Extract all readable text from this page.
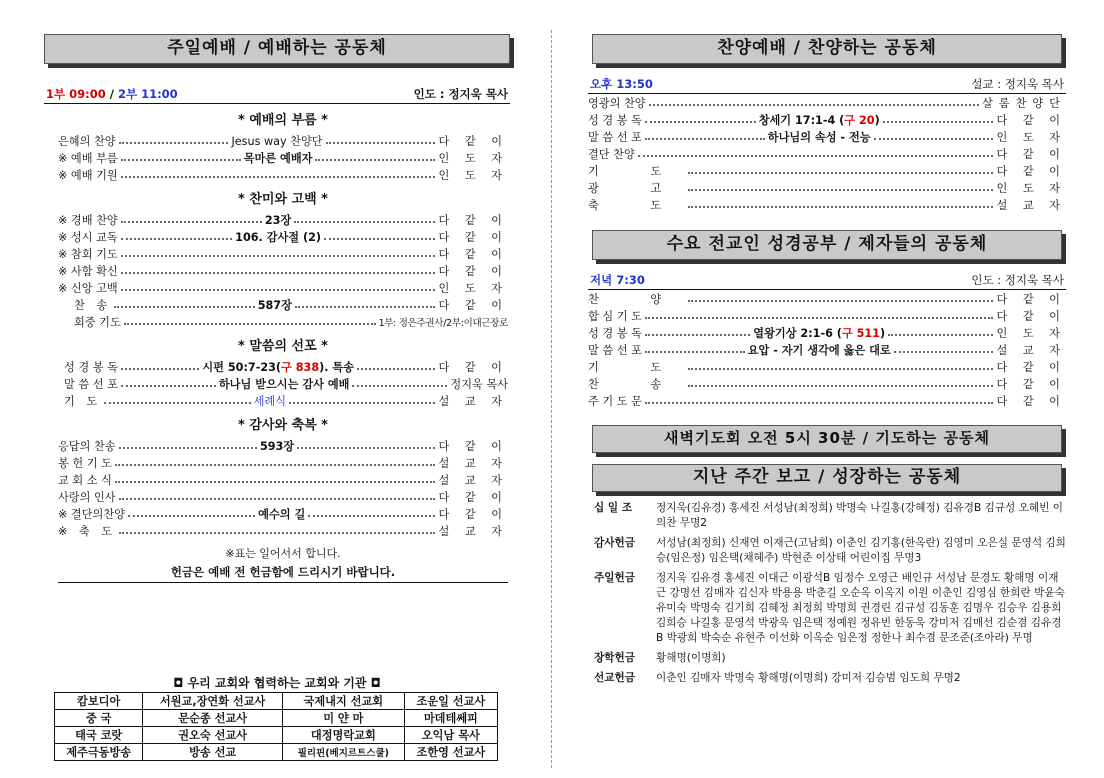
주일예배 / 예배하는 공동체
1부 09:00 / 2부 11:00	인도 : 정지욱 목사
* 예배의 부름 *
은혜의 찬양	Jesus way 찬양단	다 같 이
※ 예배 부름	목마른 예배자	인 도 자
※ 예배 기원	인 도 자
* 찬미와 고백 *
※ 경배 찬양	23장	다 같 이
※ 성시 교독	106. 감사절 (2)	다 같 이
※ 참회 기도	다 같 이
※ 사함 확신	다 같 이
※ 신앙 고백	인 도 자
찬 송	587장	다 같 이
회중 기도	1부: 정은주권사/2부:이대근장로
* 말씀의 선포 *
성 경 봉 독	시편 50:7-23(구 838). 특송	다 같 이
말 씀 선 포	하나님 받으시는 감사 예배	정지욱 목사
기 도	세례식	설 교 자
* 감사와 축복 *
응답의 찬송	593장	다 같 이
봉 헌 기 도	설 교 자
교 회 소 식	설 교 자
사랑의 인사	다 같 이
※ 결단의찬양	예수의 길	다 같 이
※ 축 도	설 교 자
※표는 일어서서 합니다.
헌금은 예배 전 헌금함에 드리시기 바랍니다.
◘ 우리 교회와 협력하는 교회와 기관 ◘
캄보디아	서원교,장연화 선교사	국제내지 선교회	조운일 선교사
중 국	문순종 선교사	미 얀 마	마데테쎄피
태국 코랏	권오숙 선교사	대정명락교회	오익남 목사
제주극동방송	방송 선교	필리핀(베지르트스쿨)	조한영 선교사
찬양예배 / 찬양하는 공동체
오후 13:50	설교 : 정지욱 목사
영광의 찬양	살롬찬양단
성 경 봉 독	창세기 17:1-4 (구 20)	다 같 이
말 씀 선 포	하나님의 속성 - 전능	인 도 자
결단 찬양	다 같 이
기 도	다 같 이
광 고	인 도 자
축 도	설 교 자
수요 전교인 성경공부 / 제자들의 공동체
저녁 7:30	인도 : 정지욱 목사
찬 양	다 같 이
합 심 기 도	다 같 이
성 경 봉 독	열왕기상 2:1-6 (구 511)	인 도 자
말 씀 선 포	요압 - 자기 생각에 옳은 대로	설 교 자
기 도	다 같 이
찬 송	다 같 이
주 기 도 문	다 같 이
새벽기도회 오전 5시 30분 / 기도하는 공동체
지난 주간 보고 / 성장하는 공동체
십 일 조	정지욱(김유경) 홍세진 서성남(최정희) 박명숙 나길홍(강혜정) 김유경B 김규성 오혜빈 이의찬 무명2
감사헌금	서성남(최정희) 신재연 이재근(고남희) 이춘인 김기홍(한옥란) 김영미 오은실 문영석 김희승(임은정) 임은택(채혜주) 박현준 이상태 어린이집 무명3
주일헌금	정지욱 김유경 홍세진 이대근 이광석B 임정수 오영근 배인규 서성남 문경도 황해명 이재근 강명선 김매자 김신자 박용용 박춘길 오순옥 이옥지 이원 이춘인 김영심 한희란 박윤숙 유미숙 박명숙 김기희 김혜정 최정희 박명희 권경린 김규성 김동훈 김명우 김승우 김용희 김희승 나길홍 문영석 박광욱 임은택 정예원 정유빈 한동욱 강미저 김매선 김순겸 김유경B 박광희 박숙순 유현주 이선화 이옥순 임은정 정한나 최수겸 문조준(조아라) 무명
장학헌금	황해명(이명희)
선교헌금	이춘인 김매자 박명숙 황해명(이명희) 강미저 김승범 임도희 무명2
